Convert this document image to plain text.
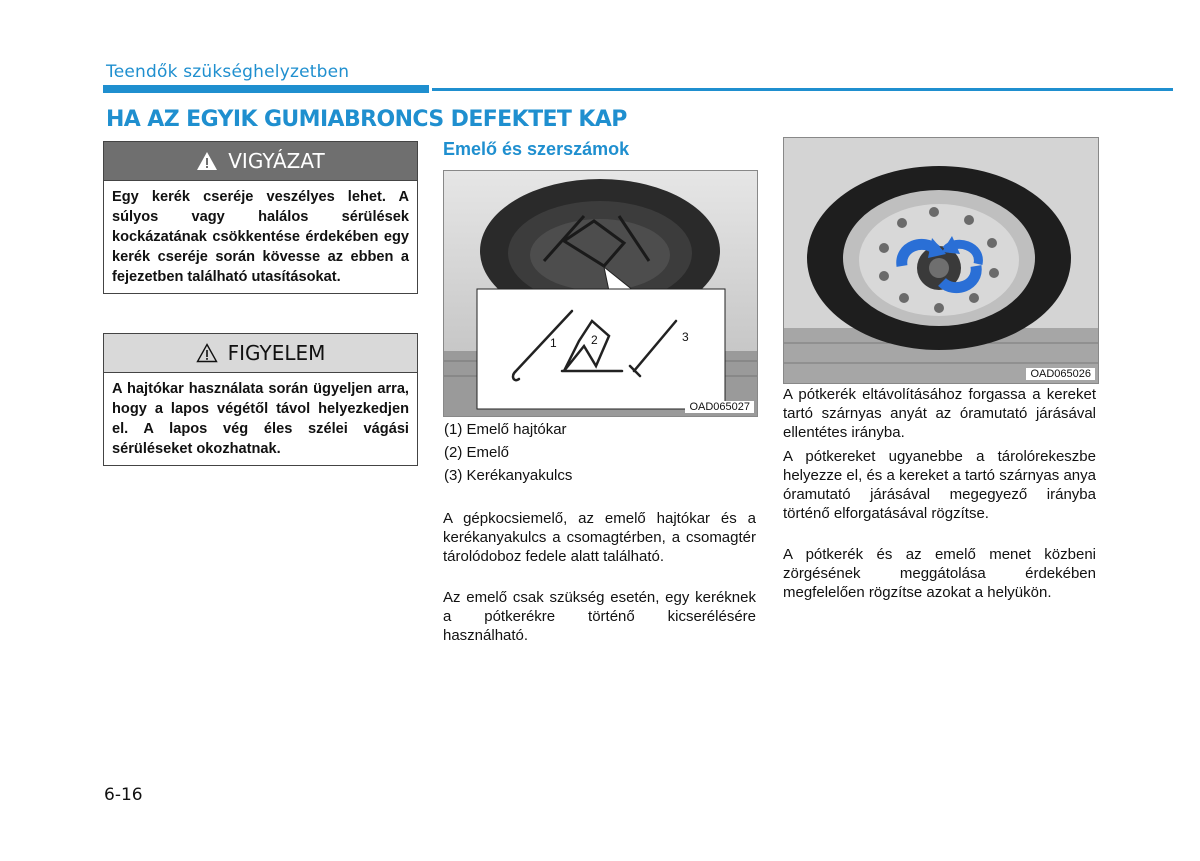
Teendők szükséghelyzetben
HA AZ EGYIK GUMIABRONCS DEFEKTET KAP
VIGYÁZAT
Egy kerék cseréje veszélyes lehet. A súlyos vagy halálos sérülések kockázatának csökkentése érdekében egy kerék cseréje során kövesse az ebben a fejezetben található utasításokat.
FIGYELEM
A hajtókar használata során ügyeljen arra, hogy a lapos végétől távol helyezkedjen el. A lapos vég éles szélei vágási sérüléseket okozhatnak.
Emelő és szerszámok
1	2	3
OAD065027
(1) Emelő hajtókar
(2) Emelő
(3) Kerékanyakulcs
A gépkocsiemelő, az emelő hajtókar és a kerékanyakulcs a csomagtérben, a csomagtér tárolódoboz fedele alatt található.
Az emelő csak szükség esetén, egy keréknek a pótkerékre történő kicserélésére használható.
OAD065026
A pótkerék eltávolításához forgassa a kereket tartó szárnyas anyát az óramutató járásával ellentétes irányba.
A pótkereket ugyanebbe a tárolórekeszbe helyezze el, és a kereket a tartó szárnyas anya óramutató járásával megegyező irányba történő elforgatásával rögzítse.
A pótkerék és az emelő menet közbeni zörgésének meggátolása érdekében megfelelően rögzítse azokat a helyükön.
6-16
